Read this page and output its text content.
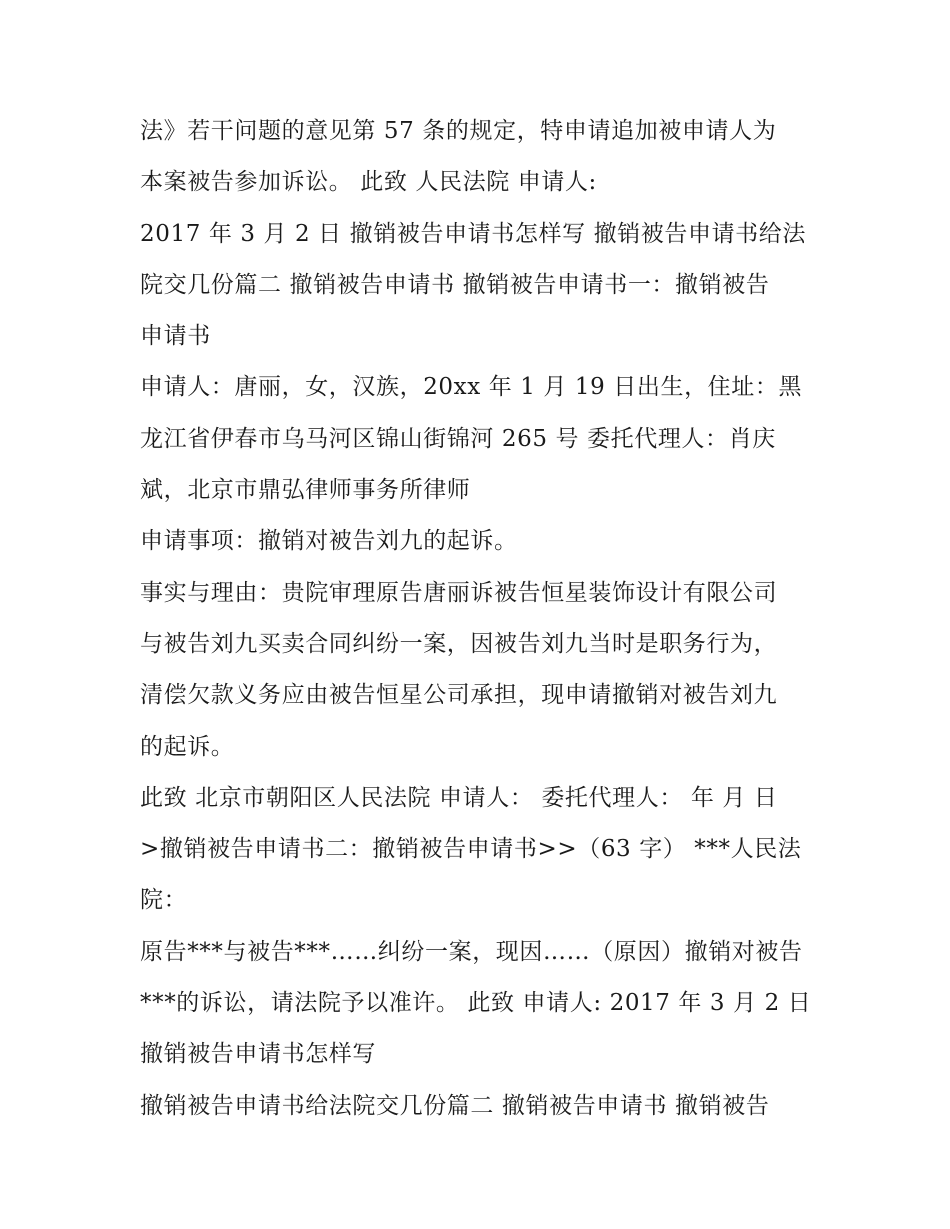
法》若干问题的意见第 57 条的规定，特申请追加被申请人为
本案被告参加诉讼。 此致 人民法院 申请人:
2017 年 3 月 2 日 撤销被告申请书怎样写 撤销被告申请书给法
院交几份篇二 撤销被告申请书 撤销被告申请书一：撤销被告
申请书
申请人：唐丽，女，汉族，20xx 年 1 月 19 日出生，住址：黑
龙江省伊春市乌马河区锦山街锦河 265 号 委托代理人：肖庆
斌，北京市鼎弘律师事务所律师
申请事项：撤销对被告刘九的起诉。
事实与理由：贵院审理原告唐丽诉被告恒星装饰设计有限公司
与被告刘九买卖合同纠纷一案，因被告刘九当时是职务行为，
清偿欠款义务应由被告恒星公司承担，现申请撤销对被告刘九
的起诉。
此致 北京市朝阳区人民法院 申请人： 委托代理人： 年 月 日
>撤销被告申请书二：撤销被告申请书>>（63 字） ***人民法
院：
原告***与被告***……纠纷一案，现因……（原因）撤销对被告
***的诉讼，请法院予以准许。 此致 申请人: 2017 年 3 月 2 日
撤销被告申请书怎样写
撤销被告申请书给法院交几份篇二 撤销被告申请书 撤销被告
